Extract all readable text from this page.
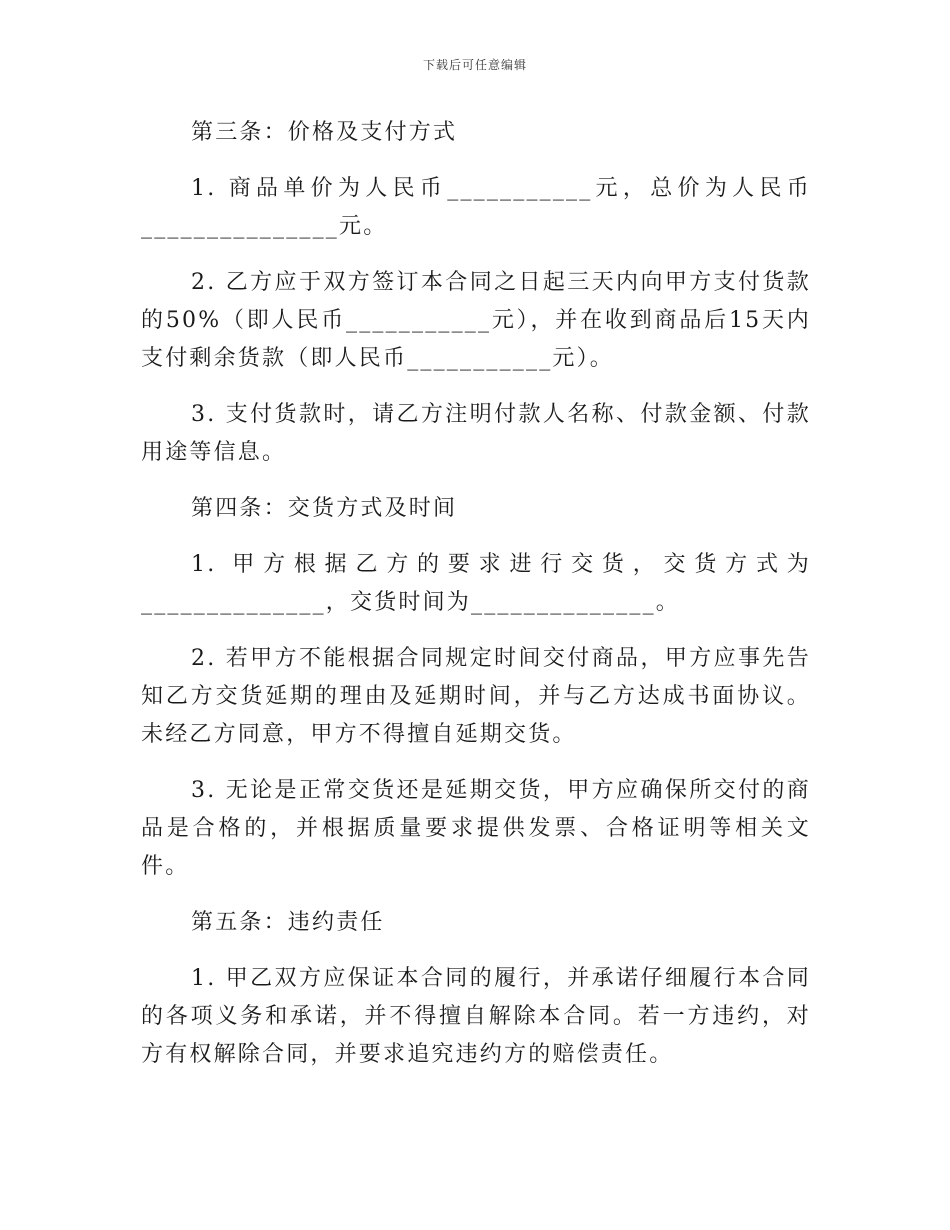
下载后可任意编辑

第三条：价格及支付方式

1. 商品单价为人民币___________元，总价为人民币_______________元。

2. 乙方应于双方签订本合同之日起三天内向甲方支付货款的50%（即人民币___________元），并在收到商品后15天内支付剩余货款（即人民币___________元）。

3. 支付货款时，请乙方注明付款人名称、付款金额、付款用途等信息。

第四条：交货方式及时间

1. 甲方根据乙方的要求进行交货，交货方式为______________，交货时间为______________。

2. 若甲方不能根据合同规定时间交付商品，甲方应事先告知乙方交货延期的理由及延期时间，并与乙方达成书面协议。未经乙方同意，甲方不得擅自延期交货。

3. 无论是正常交货还是延期交货，甲方应确保所交付的商品是合格的，并根据质量要求提供发票、合格证明等相关文件。

第五条：违约责任

1. 甲乙双方应保证本合同的履行，并承诺仔细履行本合同的各项义务和承诺，并不得擅自解除本合同。若一方违约，对方有权解除合同，并要求追究违约方的赔偿责任。
